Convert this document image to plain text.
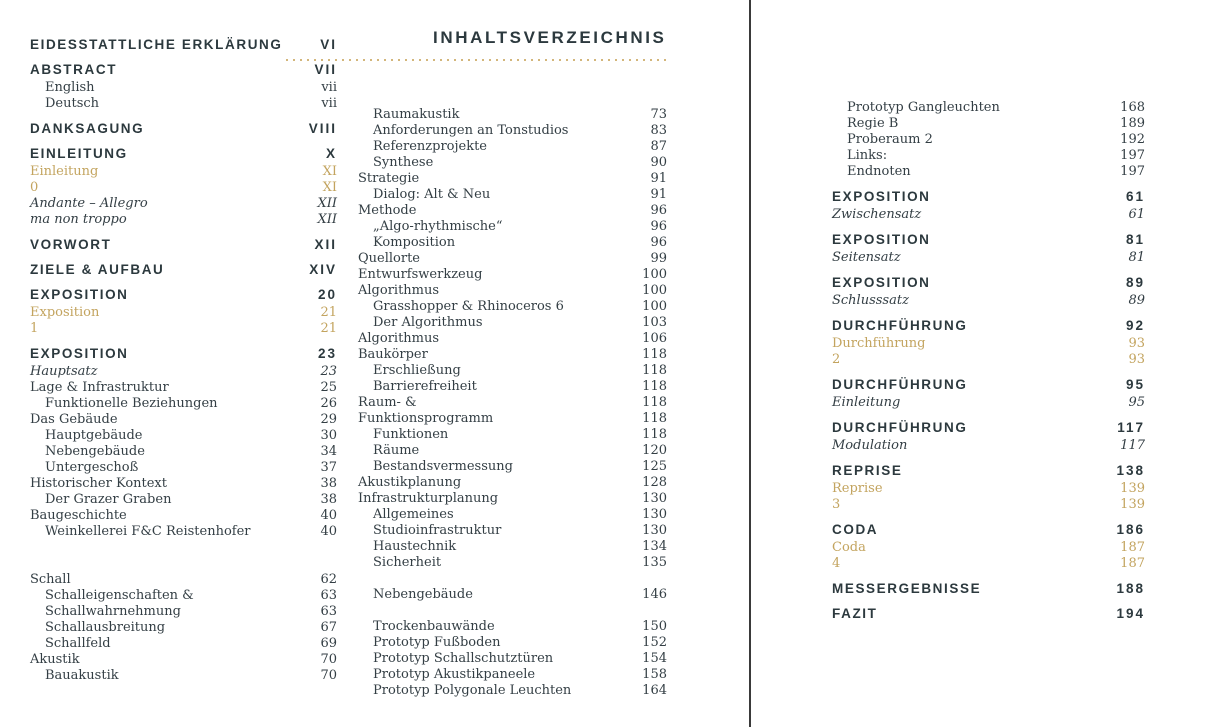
INHALTSVERZEICHNIS
EIDESSTATTLICHE ERKLÄRUNG	VI
ABSTRACT	VII
English	vii
Deutsch	vii
DANKSAGUNG	VIII
EINLEITUNG	X
Einleitung	XI
0	XI
Andante – Allegro	XII
ma non troppo	XII
VORWORT	XII
ZIELE & AUFBAU	XIV
EXPOSITION	20
Exposition	21
1	21
EXPOSITION	23
Hauptsatz	23
Lage & Infrastruktur	25
Funktionelle Beziehungen	26
Das Gebäude	29
Hauptgebäude	30
Nebengebäude	34
Untergeschoß	37
Historischer Kontext	38
Der Grazer Graben	38
Baugeschichte	40
Weinkellerei F&C Reistenhofer	40
Schall	62
Schalleigenschaften &	63
Schallwahrnehmung	63
Schallausbreitung	67
Schallfeld	69
Akustik	70
Bauakustik	70
Raumakustik	73
Anforderungen an Tonstudios	83
Referenzprojekte	87
Synthese	90
Strategie	91
Dialog: Alt & Neu	91
Methode	96
„Algo-rhythmische“	96
Komposition	96
Quellorte	99
Entwurfswerkzeug	100
Algorithmus	100
Grasshopper & Rhinoceros 6	100
Der Algorithmus	103
Algorithmus	106
Baukörper	118
Erschließung	118
Barrierefreiheit	118
Raum- &	118
Funktionsprogramm	118
Funktionen	118
Räume	120
Bestandsvermessung	125
Akustikplanung	128
Infrastrukturplanung	130
Allgemeines	130
Studioinfrastruktur	130
Haustechnik	134
Sicherheit	135
Nebengebäude	146
Trockenbauwände	150
Prototyp Fußboden	152
Prototyp Schallschutztüren	154
Prototyp Akustikpaneele	158
Prototyp Polygonale Leuchten	164
Prototyp Gangleuchten	168
Regie B	189
Proberaum 2	192
Links:	197
Endnoten	197
EXPOSITION	61
Zwischensatz	61
EXPOSITION	81
Seitensatz	81
EXPOSITION	89
Schlusssatz	89
DURCHFÜHRUNG	92
Durchführung	93
2	93
DURCHFÜHRUNG	95
Einleitung	95
DURCHFÜHRUNG	117
Modulation	117
REPRISE	138
Reprise	139
3	139
CODA	186
Coda	187
4	187
MESSERGEBNISSE	188
FAZIT	194
